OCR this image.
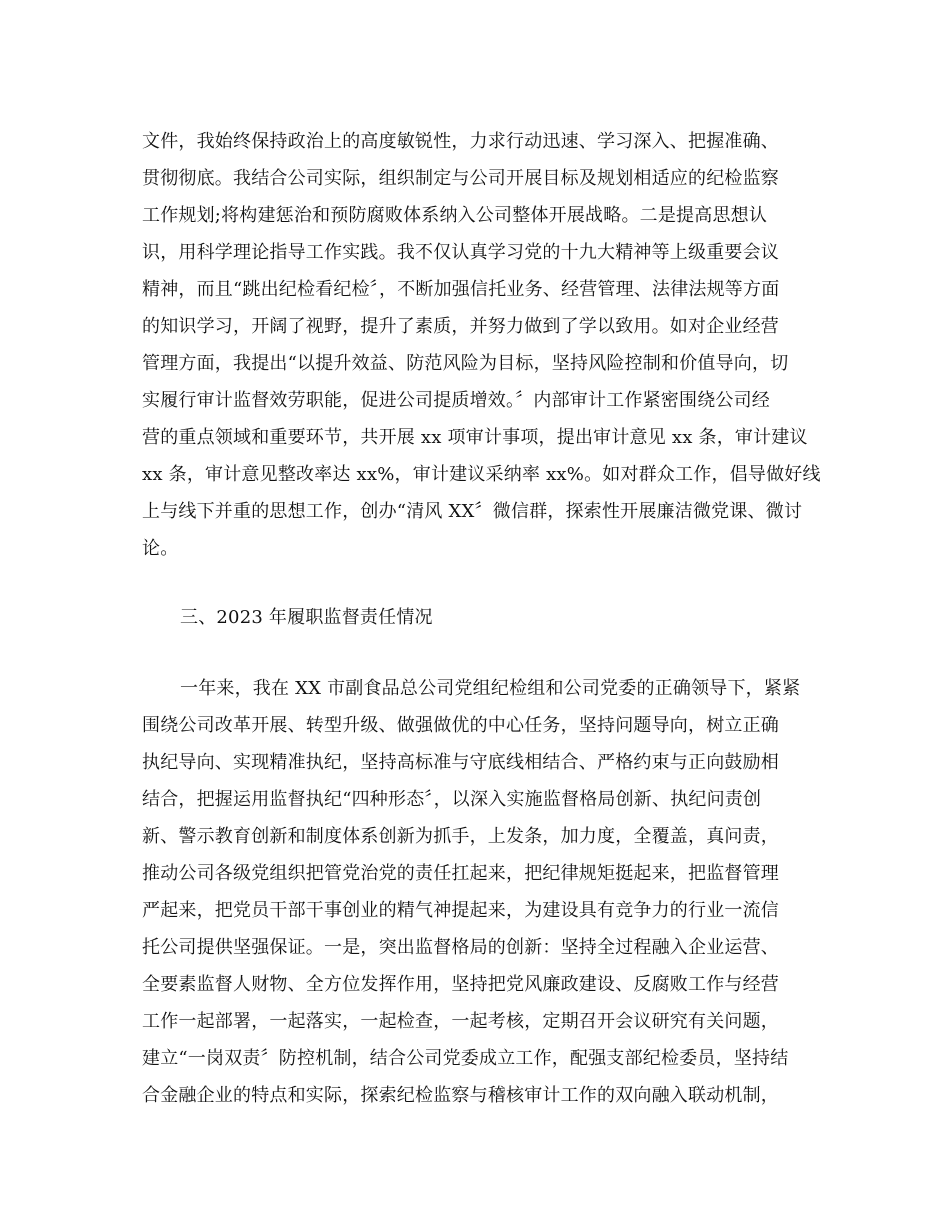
文件，我始终保持政治上的高度敏锐性，力求行动迅速、学习深入、把握准确、
贯彻彻底。我结合公司实际，组织制定与公司开展目标及规划相适应的纪检监察
工作规划;将构建惩治和预防腐败体系纳入公司整体开展战略。二是提高思想认
识，用科学理论指导工作实践。我不仅认真学习党的十九大精神等上级重要会议
精神，而且“跳出纪检看纪检〞，不断加强信托业务、经营管理、法律法规等方面
的知识学习，开阔了视野，提升了素质，并努力做到了学以致用。如对企业经营
管理方面，我提出“以提升效益、防范风险为目标，坚持风险控制和价值导向，切
实履行审计监督效劳职能，促进公司提质增效。〞内部审计工作紧密围绕公司经
营的重点领域和重要环节，共开展 xx 项审计事项，提出审计意见 xx 条，审计建议
xx 条，审计意见整改率达 xx%，审计建议采纳率 xx%。如对群众工作，倡导做好线
上与线下并重的思想工作，创办“清风 XX〞微信群，探索性开展廉洁微党课、微讨
论。
三、2023 年履职监督责任情况
一年来，我在 XX 市副食品总公司党组纪检组和公司党委的正确领导下，紧紧
围绕公司改革开展、转型升级、做强做优的中心任务，坚持问题导向，树立正确
执纪导向、实现精准执纪，坚持高标准与守底线相结合、严格约束与正向鼓励相
结合，把握运用监督执纪“四种形态〞，以深入实施监督格局创新、执纪问责创
新、警示教育创新和制度体系创新为抓手，上发条，加力度，全覆盖，真问责，
推动公司各级党组织把管党治党的责任扛起来，把纪律规矩挺起来，把监督管理
严起来，把党员干部干事创业的精气神提起来，为建设具有竞争力的行业一流信
托公司提供坚强保证。一是，突出监督格局的创新：坚持全过程融入企业运营、
全要素监督人财物、全方位发挥作用，坚持把党风廉政建设、反腐败工作与经营
工作一起部署，一起落实，一起检查，一起考核，定期召开会议研究有关问题，
建立“一岗双责〞防控机制，结合公司党委成立工作，配强支部纪检委员，坚持结
合金融企业的特点和实际，探索纪检监察与稽核审计工作的双向融入联动机制，
